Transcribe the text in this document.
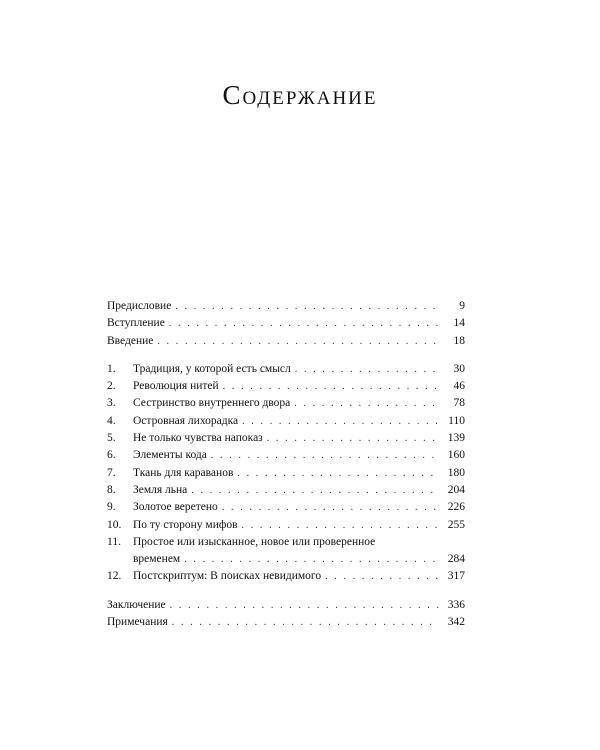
Содержание
Предисловие . . .	9
Вступление . . .	14
Введение . . .	18
1.	Традиция, у которой есть смысл . . .	30
2.	Революция нитей . . .	46
3.	Сестринство внутреннего двора . . .	78
4.	Островная лихорадка . . .	110
5.	Не только чувства напоказ . . .	139
6.	Элементы кода . . .	160
7.	Ткань для караванов . . .	180
8.	Земля льна . . .	204
9.	Золотое веретено . . .	226
10.	По ту сторону мифов . . .	255
11.	Простое или изысканное, новое или проверенное
временем . . .	284
12.	Постскриптум: В поисках невидимого . . .	317
Заключение . . .	336
Примечания . . .	342
